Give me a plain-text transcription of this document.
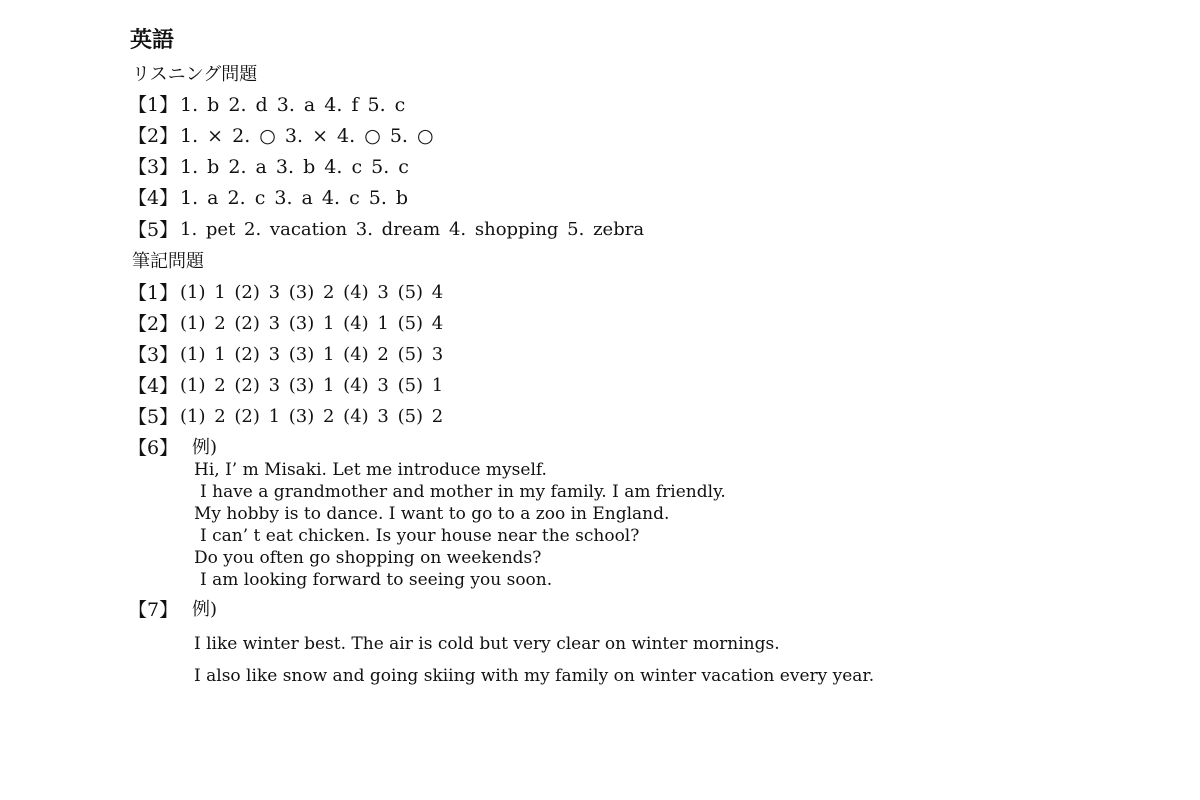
英語
リスニング問題
【1】 1. b 2. d 3. a 4. f 5. c
【2】 1. × 2. ○ 3. × 4. ○ 5. ○
【3】 1. b 2. a 3. b 4. c 5. c
【4】 1. a 2. c 3. a 4. c 5. b
【5】 1. pet 2. vacation 3. dream 4. shopping 5. zebra
筆記問題
【1】 (1) 1 (2) 3 (3) 2 (4) 3 (5) 4
【2】 (1) 2 (2) 3 (3) 1 (4) 1 (5) 4
【3】 (1) 1 (2) 3 (3) 1 (4) 2 (5) 3
【4】 (1) 2 (2) 3 (3) 1 (4) 3 (5) 1
【5】 (1) 2 (2) 1 (3) 2 (4) 3 (5) 2
【6】 例)
Hi, I’ m Misaki. Let me introduce myself.
I have a grandmother and mother in my family. I am friendly.
My hobby is to dance. I want to go to a zoo in England.
I can’ t eat chicken. Is your house near the school?
Do you often go shopping on weekends?
I am looking forward to seeing you soon.
【7】 例)
I like winter best. The air is cold but very clear on winter mornings.
I also like snow and going skiing with my family on winter vacation every year.
